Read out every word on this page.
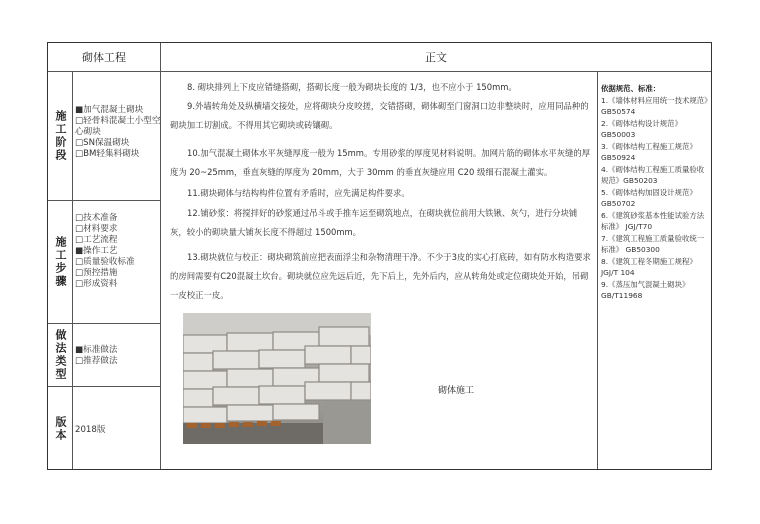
砌体工程	正文
施工阶段 ■加气混凝土砌块
□轻骨料混凝土小型空心砌块
□SN保温砌块
□BM轻集料砌块
施工步骤
□技术准备
□材料要求
□工艺流程
■操作工艺
□质量验收标准
□预控措施
□形成资料
做法类型 ■标准做法
□推荐做法
版本 2018版
8. 砌块排列上下皮应错缝搭砌，搭砌长度一般为砌块长度的 1/3，也不应小于 150mm。
9.外墙转角处及纵横墙交接处，应将砌块分皮咬搓，交错搭砌，砌体砌至门窗洞口边非整块时，应用同品种的砌块加工切割成。不得用其它砌块或砖镶砌。
10.加气混凝土砌体水平灰缝厚度一般为 15mm。专用砂浆的厚度见材料说明。加网片筋的砌体水平灰缝的厚度为 20~25mm，垂直灰缝的厚度为 20mm，大于 30mm 的垂直灰缝应用 C20 级细石混凝土灌实。
11.砌块砌体与结构构件位置有矛盾时，应先满足构件要求。
12.铺砂浆：将搅拌好的砂浆通过吊斗或手推车运至砌筑地点，在砌块就位前用大铁锹、灰勺，进行分块铺灰，较小的砌块量大铺灰长度不得超过 1500mm。
13.砌块就位与校正：砌块砌筑前应把表面浮尘和杂物清理干净。不少于3皮的实心打底砖，如有防水构造要求的房间需要有C20混凝土坎台。砌块就位应先远后近，先下后上，先外后内，应从转角处或定位砌块处开始，吊砌一皮校正一皮。
砌体施工
依据规范、标准：
1.《墙体材料应用统一技术规范》GB50574
2.《砌体结构设计规范》GB50003
3.《砌体结构工程施工规范》GB50924
4.《砌体结构工程施工质量验收规范》GB50203
5.《砌体结构加固设计规范》GB50702
6.《建筑砂浆基本性能试验方法标准》 JGJ/T70
7.《建筑工程施工质量验收统一标准》 GB50300
8.《建筑工程冬期施工规程》JGJ/T 104
9.《蒸压加气混凝土砌块》GB/T11968
